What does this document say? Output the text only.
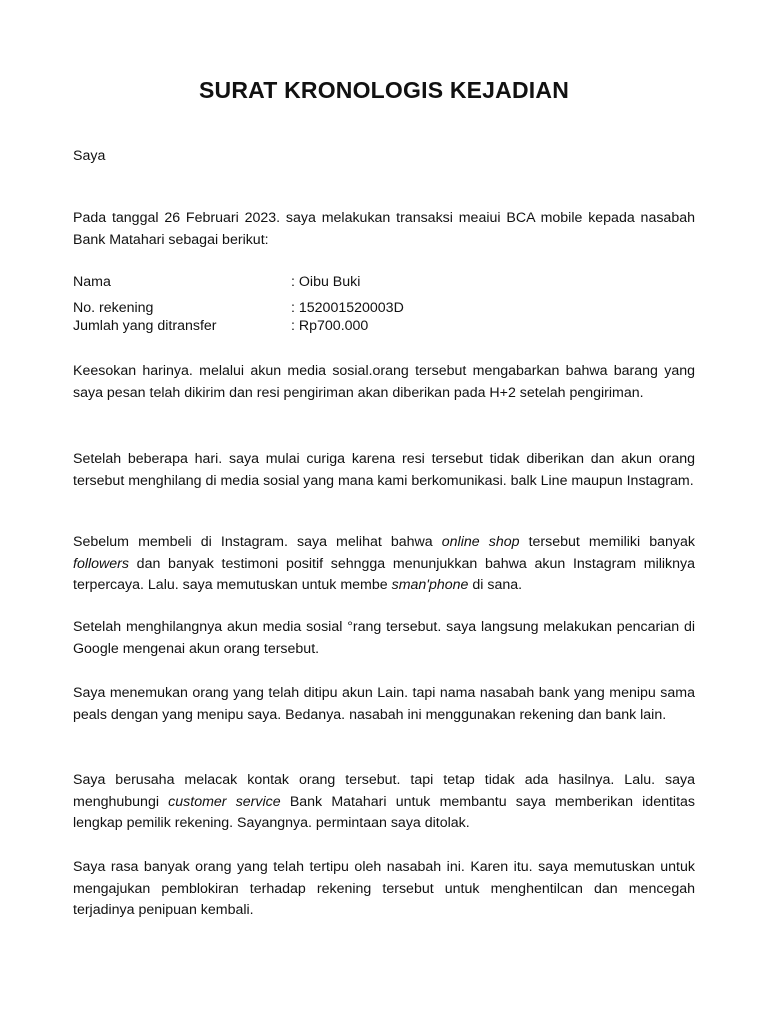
SURAT KRONOLOGIS KEJADIAN

Saya

Pada tanggal 26 Februari 2023. saya melakukan transaksi meaiui BCA mobile kepada nasabah Bank Matahari sebagai berikut:

Nama	: Oibu Buki
No. rekening	: 152001520003D
Jumlah yang ditransfer	: Rp700.000

Keesokan harinya. melalui akun media sosial.orang tersebut mengabarkan bahwa barang yang saya pesan telah dikirim dan resi pengiriman akan diberikan pada H+2 setelah pengiriman.

Setelah beberapa hari. saya mulai curiga karena resi tersebut tidak diberikan dan akun orang tersebut menghilang di media sosial yang mana kami berkomunikasi. balk Line maupun Instagram.

Sebelum membeli di Instagram. saya melihat bahwa online shop tersebut memiliki banyak followers dan banyak testimoni positif sehngga menunjukkan bahwa akun Instagram miliknya terpercaya. Lalu. saya memutuskan untuk membe sman'phone di sana.

Setelah menghilangnya akun media sosial °rang tersebut. saya langsung melakukan pencarian di Google mengenai akun orang tersebut.

Saya menemukan orang yang telah ditipu akun Lain. tapi nama nasabah bank yang menipu sama peals dengan yang menipu saya. Bedanya. nasabah ini menggunakan rekening dan bank lain.

Saya berusaha melacak kontak orang tersebut. tapi tetap tidak ada hasilnya. Lalu. saya menghubungi customer service Bank Matahari untuk membantu saya memberikan identitas lengkap pemilik rekening. Sayangnya. permintaan saya ditolak.

Saya rasa banyak orang yang telah tertipu oleh nasabah ini. Karen itu. saya memutuskan untuk mengajukan pemblokiran terhadap rekening tersebut untuk menghentilcan dan mencegah terjadinya penipuan kembali.
